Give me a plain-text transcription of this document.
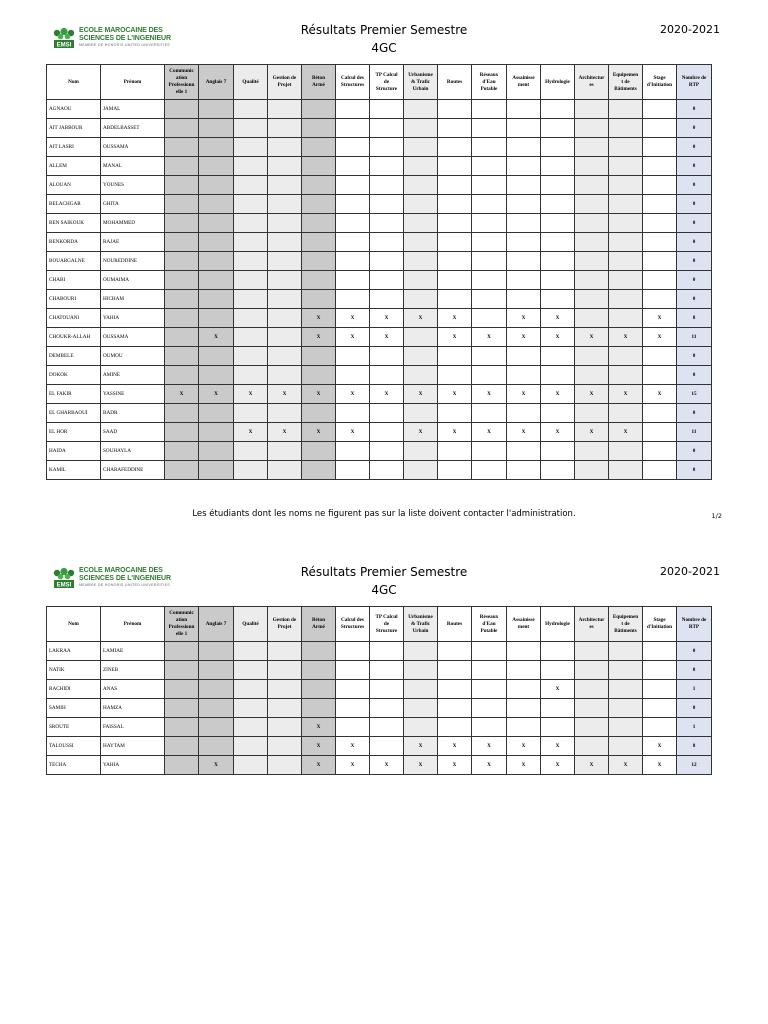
EMSI
ECOLE MAROCAINE DES
SCIENCES DE L'INGENIEUR
MEMBRE DE HONORIS UNITED UNIVERSITIES
Résultats Premier Semestre
4GC
2020-2021
Nom	Prénom	Communic
ation
Professionn
elle 1	Anglais 7	Qualité	Gestion de
Projet	Béton
Armé	Calcul des
Structures	TP Calcul
de
Structure	Urbanisme
& Trafic
Urbain	Routes	Réseaux
d'Eau
Potable	Assainisse
ment	Hydrologie	Architectur
es	Equipemen
t de
Bâtiments	Stage
d'Initiation	Nombre de
RTP
AGNAOU	JAMAL																0
AIT JABBOUR	ABDELBASSET																0
AIT LASRI	OUSSAMA																0
ALLEM	MANAL																0
ALOUAN	YOUNES																0
BELACHGAR	GHITA																0
BEN SAIKOUK	MOHAMMED																0
BENKORDA	RAJAE																0
BOUARGALNE	NOUREDDINE																0
CHABI	OUMAIMA																0
CHABOURI	HICHAM																0
CHATOUANI	YAHIA					X	X	X	X	X		X	X			X	8
CHOUKR-ALLAH	OUSSAMA		X			X	X	X		X	X	X	X	X	X	X	11
DEMBELE	OUMOU																0
DOKOK	AMINE																0
EL FAKIR	YASSINE	X	X	X	X	X	X	X	X	X	X	X	X	X	X	X	15
EL GHARBAOUI	BADR																0
EL HOR	SAAD			X	X	X	X		X	X	X	X	X	X	X		11
HAIDA	SOUHAYLA																0
KAMIL	CHARAFEDDINE																0
Les étudiants dont les noms ne figurent pas sur la liste doivent contacter l'administration.	1/2
EMSI
ECOLE MAROCAINE DES
SCIENCES DE L'INGENIEUR
MEMBRE DE HONORIS UNITED UNIVERSITIES
Résultats Premier Semestre
4GC
2020-2021
Nom	Prénom	Communic
ation
Professionn
elle 1	Anglais 7	Qualité	Gestion de
Projet	Béton
Armé	Calcul des
Structures	TP Calcul
de
Structure	Urbanisme
& Trafic
Urbain	Routes	Réseaux
d'Eau
Potable	Assainisse
ment	Hydrologie	Architectur
es	Equipemen
t de
Bâtiments	Stage
d'Initiation	Nombre de
RTP
LAKRAA	LAMIAE																0
NATIK	ZINEB																0
RACHIDI	ANAS												X				1
SAMIH	HAMZA																0
SROUTE	FAISSAL					X											1
TALOUSSI	HAYTAM					X	X		X	X	X	X	X			X	8
TECHA	YAHIA		X			X	X	X	X	X	X	X	X	X	X	X	12
